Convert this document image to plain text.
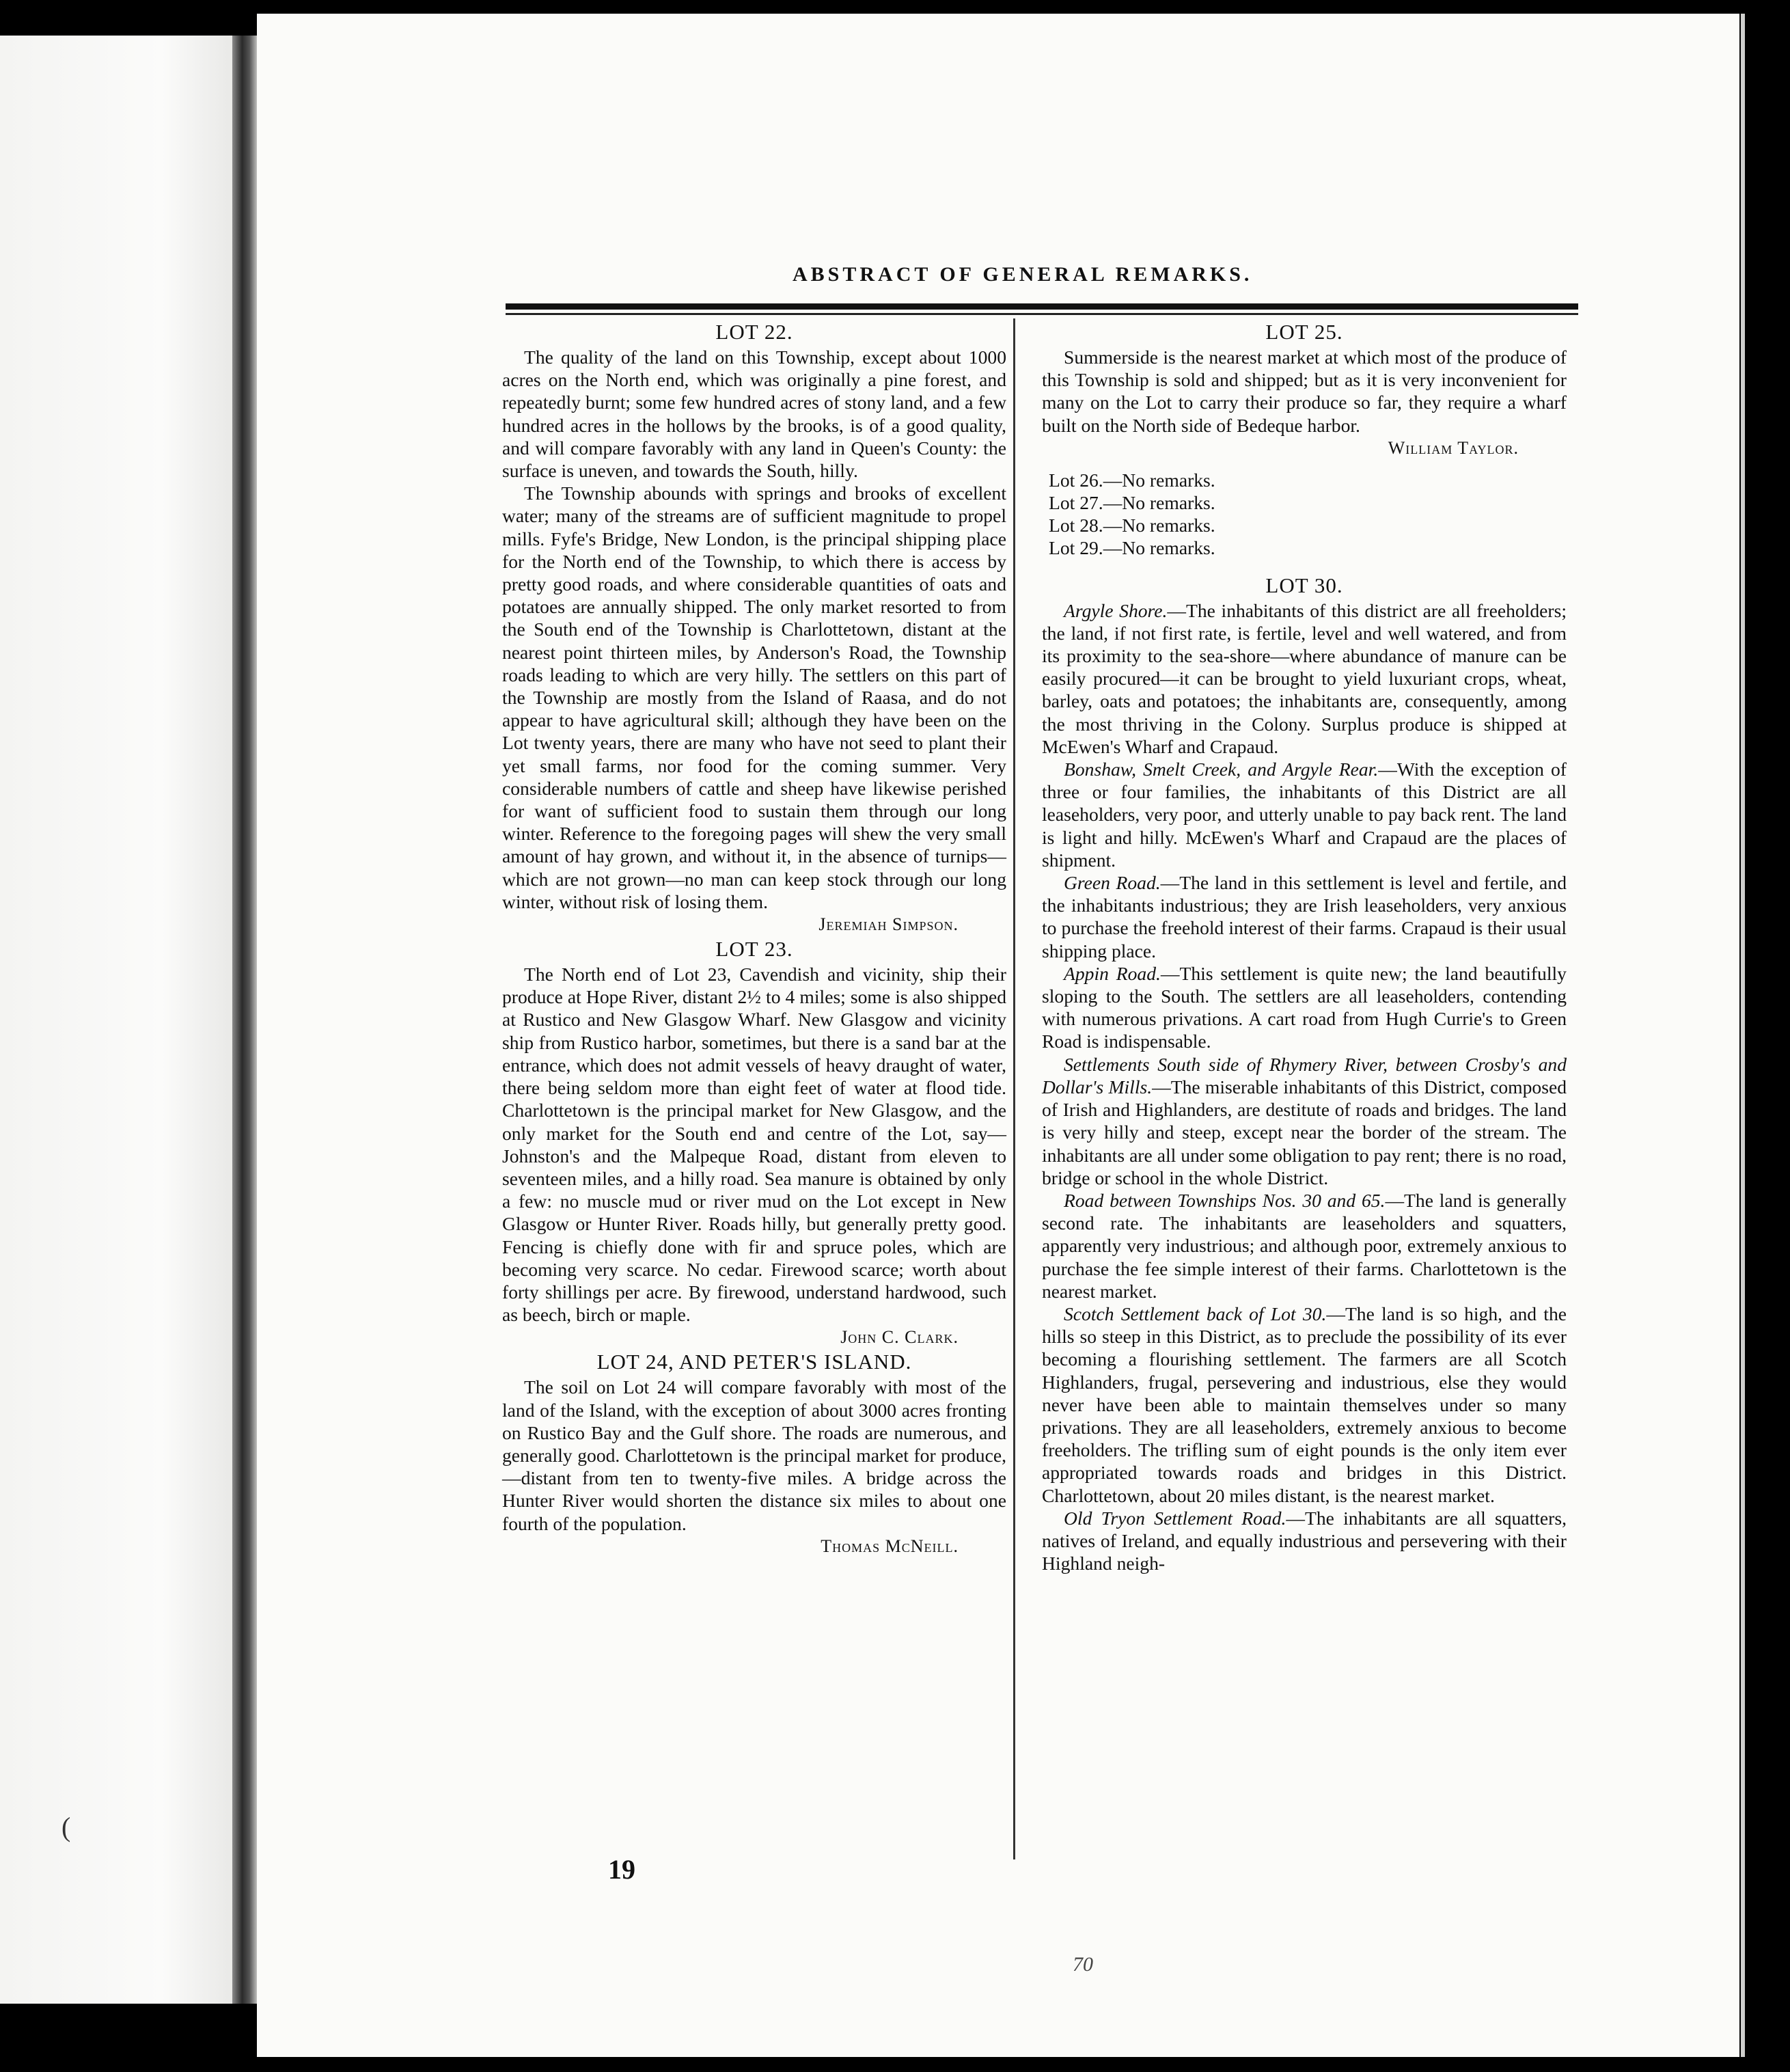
(
ABSTRACT OF GENERAL REMARKS.
LOT 22.

The quality of the land on this Township, except about 1000 acres on the North end, which was originally a pine forest, and repeatedly burnt; some few hundred acres of stony land, and a few hundred acres in the hollows by the brooks, is of a good quality, and will compare favorably with any land in Queen's County: the surface is uneven, and towards the South, hilly.

The Township abounds with springs and brooks of excellent water; many of the streams are of sufficient magnitude to propel mills. Fyfe's Bridge, New London, is the principal shipping place for the North end of the Township, to which there is access by pretty good roads, and where considerable quantities of oats and potatoes are annually shipped. The only market resorted to from the South end of the Township is Charlottetown, distant at the nearest point thirteen miles, by Anderson's Road, the Township roads leading to which are very hilly. The settlers on this part of the Township are mostly from the Island of Raasa, and do not appear to have agricultural skill; although they have been on the Lot twenty years, there are many who have not seed to plant their yet small farms, nor food for the coming summer. Very considerable numbers of cattle and sheep have likewise perished for want of sufficient food to sustain them through our long winter. Reference to the foregoing pages will shew the very small amount of hay grown, and without it, in the absence of turnips—which are not grown—no man can keep stock through our long winter, without risk of losing them.

Jeremiah Simpson.
LOT 23.

The North end of Lot 23, Cavendish and vicinity, ship their produce at Hope River, distant 2½ to 4 miles; some is also shipped at Rustico and New Glasgow Wharf. New Glasgow and vicinity ship from Rustico harbor, sometimes, but there is a sand bar at the entrance, which does not admit vessels of heavy draught of water, there being seldom more than eight feet of water at flood tide. Charlottetown is the principal market for New Glasgow, and the only market for the South end and centre of the Lot, say—Johnston's and the Malpeque Road, distant from eleven to seventeen miles, and a hilly road. Sea manure is obtained by only a few: no muscle mud or river mud on the Lot except in New Glasgow or Hunter River. Roads hilly, but generally pretty good. Fencing is chiefly done with fir and spruce poles, which are becoming very scarce. No cedar. Firewood scarce; worth about forty shillings per acre. By firewood, understand hardwood, such as beech, birch or maple.

John C. Clark.
LOT 24, AND PETER'S ISLAND.

The soil on Lot 24 will compare favorably with most of the land of the Island, with the exception of about 3000 acres fronting on Rustico Bay and the Gulf shore. The roads are numerous, and generally good. Charlottetown is the principal market for produce,—distant from ten to twenty-five miles. A bridge across the Hunter River would shorten the distance six miles to about one fourth of the population.

Thomas McNeill.
LOT 25.

Summerside is the nearest market at which most of the produce of this Township is sold and shipped; but as it is very inconvenient for many on the Lot to carry their produce so far, they require a wharf built on the North side of Bedeque harbor.

William Taylor.
Lot 26.—No remarks.
Lot 27.—No remarks.
Lot 28.—No remarks.
Lot 29.—No remarks.
LOT 30.

Argyle Shore.—The inhabitants of this district are all freeholders; the land, if not first rate, is fertile, level and well watered, and from its proximity to the sea-shore—where abundance of manure can be easily procured—it can be brought to yield luxuriant crops, wheat, barley, oats and potatoes; the inhabitants are, consequently, among the most thriving in the Colony. Surplus produce is shipped at McEwen's Wharf and Crapaud.

Bonshaw, Smelt Creek, and Argyle Rear.—With the exception of three or four families, the inhabitants of this District are all leaseholders, very poor, and utterly unable to pay back rent. The land is light and hilly. McEwen's Wharf and Crapaud are the places of shipment.

Green Road.—The land in this settlement is level and fertile, and the inhabitants industrious; they are Irish leaseholders, very anxious to purchase the freehold interest of their farms. Crapaud is their usual shipping place.

Appin Road.—This settlement is quite new; the land beautifully sloping to the South. The settlers are all leaseholders, contending with numerous privations. A cart road from Hugh Currie's to Green Road is indispensable.

Settlements South side of Rhymery River, between Crosby's and Dollar's Mills.—The miserable inhabitants of this District, composed of Irish and Highlanders, are destitute of roads and bridges. The land is very hilly and steep, except near the border of the stream. The inhabitants are all under some obligation to pay rent; there is no road, bridge or school in the whole District.

Road between Townships Nos. 30 and 65.—The land is generally second rate. The inhabitants are leaseholders and squatters, apparently very industrious; and although poor, extremely anxious to purchase the fee simple interest of their farms. Charlottetown is the nearest market.

Scotch Settlement back of Lot 30.—The land is so high, and the hills so steep in this District, as to preclude the possibility of its ever becoming a flourishing settlement. The farmers are all Scotch Highlanders, frugal, persevering and industrious, else they would never have been able to maintain themselves under so many privations. They are all leaseholders, extremely anxious to become freeholders. The trifling sum of eight pounds is the only item ever appropriated towards roads and bridges in this District. Charlottetown, about 20 miles distant, is the nearest market.

Old Tryon Settlement Road.—The inhabitants are all squatters, natives of Ireland, and equally industrious and persevering with their Highland neigh-

19
70
